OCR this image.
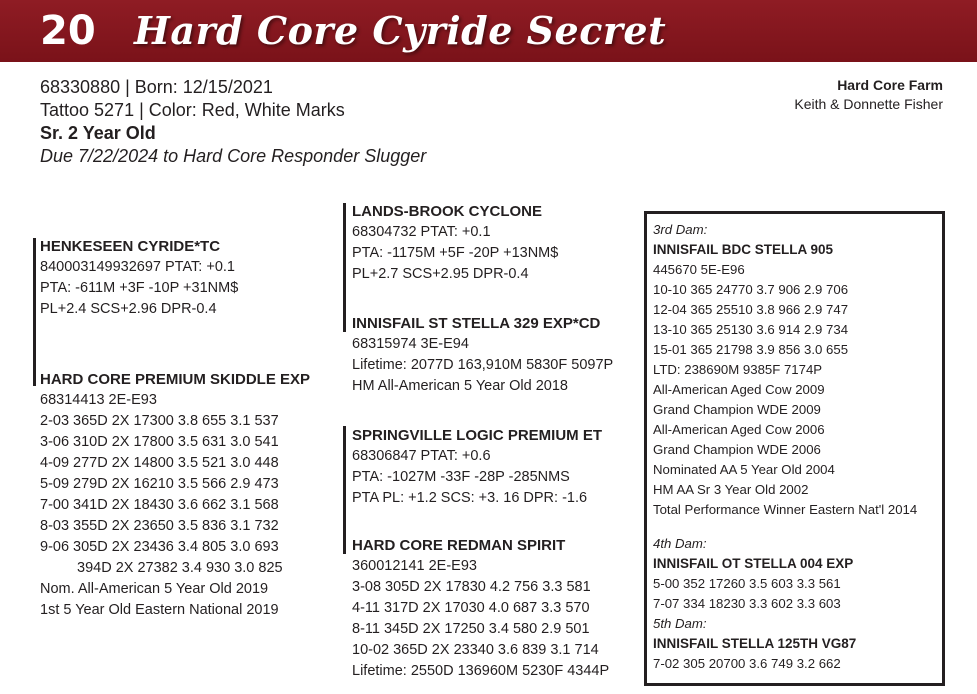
20 Hard Core Cyride Secret
68330880 | Born: 12/15/2021
Tattoo 5271 | Color: Red, White Marks
Sr. 2 Year Old
Due 7/22/2024 to Hard Core Responder Slugger
Hard Core Farm
Keith & Donnette Fisher
HENKESEEN CYRIDE*TC
840003149932697 PTAT: +0.1
PTA: -611M +3F -10P +31NM$
PL+2.4 SCS+2.96 DPR-0.4
HARD CORE PREMIUM SKIDDLE EXP
68314413 2E-E93
2-03 365D 2X 17300 3.8 655 3.1 537
3-06 310D 2X 17800 3.5 631 3.0 541
4-09 277D 2X 14800 3.5 521 3.0 448
5-09 279D 2X 16210 3.5 566 2.9 473
7-00 341D 2X 18430 3.6 662 3.1 568
8-03 355D 2X 23650 3.5 836 3.1 732
9-06 305D 2X 23436 3.4 805 3.0 693
394D 2X 27382 3.4 930 3.0 825
Nom. All-American 5 Year Old 2019
1st 5 Year Old Eastern National 2019
LANDS-BROOK CYCLONE
68304732 PTAT: +0.1
PTA: -1175M +5F -20P +13NM$
PL+2.7 SCS+2.95 DPR-0.4
INNISFAIL ST STELLA 329 EXP*CD
68315974 3E-E94
Lifetime: 2077D 163,910M 5830F 5097P
HM All-American 5 Year Old 2018
SPRINGVILLE LOGIC PREMIUM ET
68306847 PTAT: +0.6
PTA: -1027M -33F -28P -285NMS
PTA PL: +1.2 SCS: +3. 16 DPR: -1.6
HARD CORE REDMAN SPIRIT
360012141 2E-E93
3-08 305D 2X 17830 4.2 756 3.3 581
4-11 317D 2X 17030 4.0 687 3.3 570
8-11 345D 2X 17250 3.4 580 2.9 501
10-02 365D 2X 23340 3.6 839 3.1 714
Lifetime: 2550D 136960M 5230F 4344P
3rd Dam:
INNISFAIL BDC STELLA 905
445670 5E-E96
10-10 365 24770 3.7 906 2.9 706
12-04 365 25510 3.8 966 2.9 747
13-10 365 25130 3.6 914 2.9 734
15-01 365 21798 3.9 856 3.0 655
LTD: 238690M 9385F 7174P
All-American Aged Cow 2009
Grand Champion WDE 2009
All-American Aged Cow 2006
Grand Champion WDE 2006
Nominated AA 5 Year Old 2004
HM AA Sr 3 Year Old 2002
Total Performance Winner Eastern Nat'l 2014
4th Dam:
INNISFAIL OT STELLA 004 EXP
5-00 352 17260 3.5 603 3.3 561
7-07 334 18230 3.3 602 3.3 603
5th Dam:
INNISFAIL STELLA 125TH VG87
7-02 305 20700 3.6 749 3.2 662
